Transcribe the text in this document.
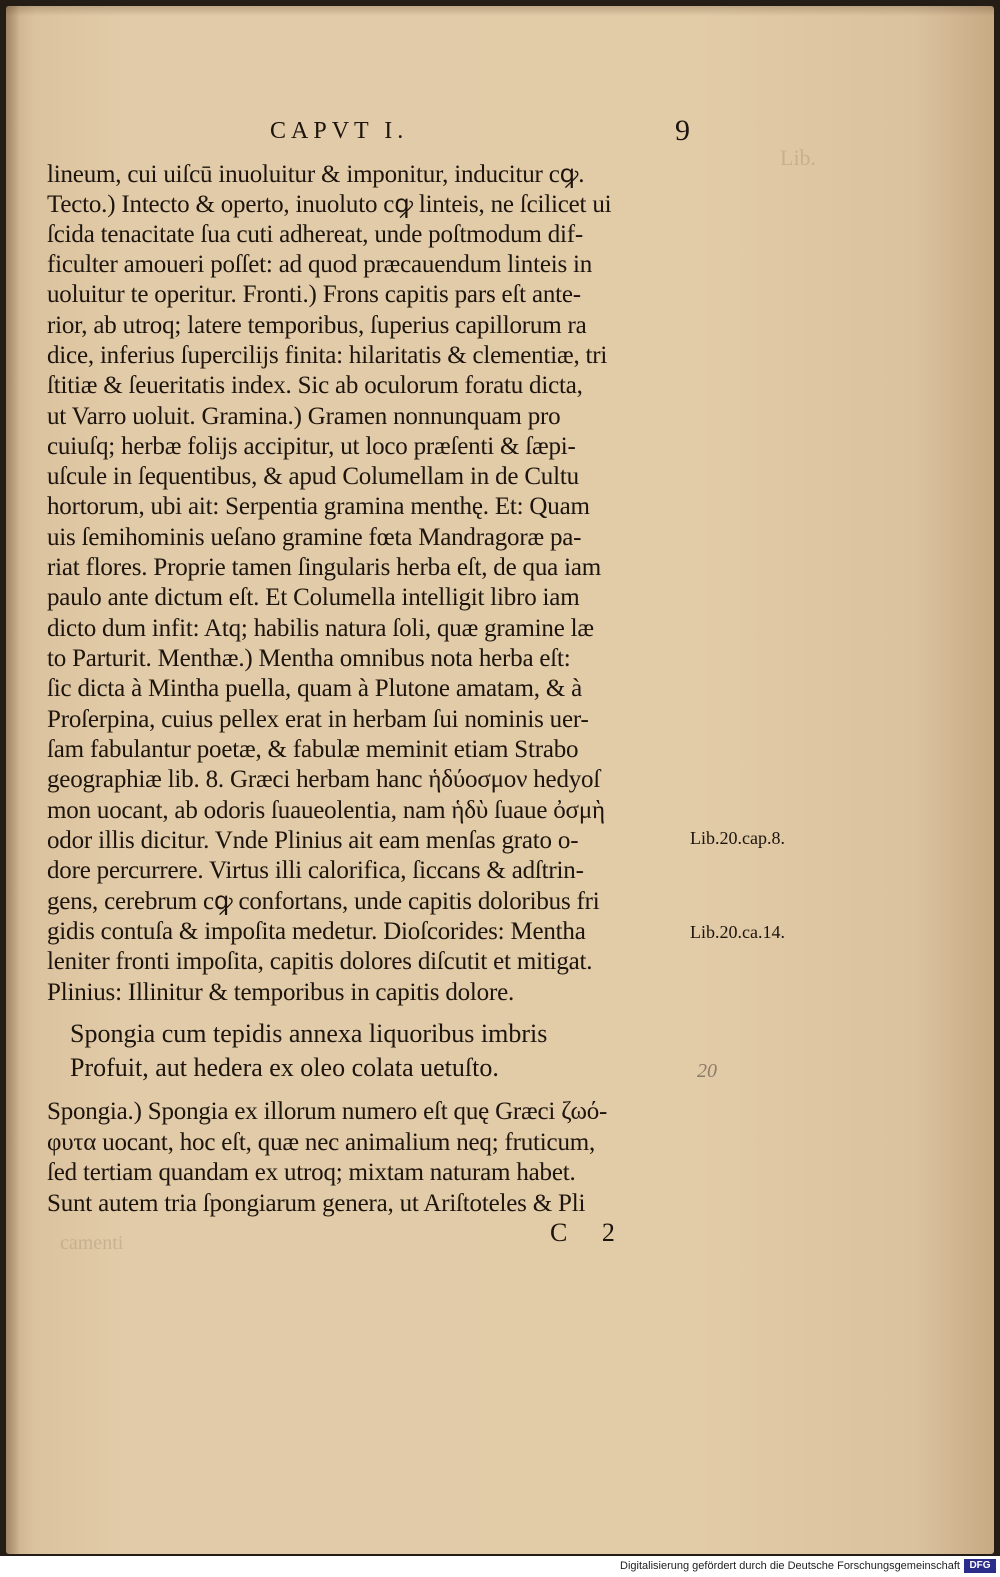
Lib.
camenti
CAPVT I.	9

lineum, cui uiſcū inuoluitur & imponitur, inducitur cꝙ.

Tecto.) Intecto & operto, inuoluto cꝙ linteis, ne ſcilicet ui

ſcida tenacitate ſua cuti adhereat, unde poſtmodum dif-

ficulter amoueri poſſet: ad quod præcauendum linteis in

uoluitur te operitur. Fronti.) Frons capitis pars eſt ante-

rior, ab utroq; latere temporibus, ſuperius capillorum ra

dice, inferius ſupercilijs finita: hilaritatis & clementiæ, tri

ſtitiæ & ſeueritatis index. Sic ab oculorum foratu dicta,

ut Varro uoluit. Gramina.) Gramen nonnunquam pro

cuiuſq; herbæ folijs accipitur, ut loco præſenti & ſæpi-

uſcule in ſequentibus, & apud Columellam in de Cultu

hortorum, ubi ait: Serpentia gramina menthę. Et: Quam

uis ſemihominis ueſano gramine fœta Mandragoræ pa-

riat flores. Proprie tamen ſingularis herba eſt, de qua iam

paulo ante dictum eſt. Et Columella intelligit libro iam

dicto dum infit: Atq; habilis natura ſoli, quæ gramine læ

to Parturit. Menthæ.) Mentha omnibus nota herba eſt:

ſic dicta à Mintha puella, quam à Plutone amatam, & à

Proſerpina, cuius pellex erat in herbam ſui nominis uer-

ſam fabulantur poetæ, & fabulæ meminit etiam Strabo

geographiæ lib. 8. Græci herbam hanc ἡδύοσμον hedyoſ

mon uocant, ab odoris ſuaueolentia, nam ἡδὺ ſuaue ὀσμὴ

odor illis dicitur. Vnde Plinius ait eam menſas grato o-

dore percurrere. Virtus illi calorifica, ſiccans & adſtrin-

gens, cerebrum cꝙ confortans, unde capitis doloribus fri

gidis contuſa & impoſita medetur. Dioſcorides: Mentha

leniter fronti impoſita, capitis dolores diſcutit et mitigat.

Plinius: Illinitur & temporibus in capitis dolore.

Spongia cum tepidis annexa liquoribus imbris

Profuit, aut hedera ex oleo colata uetuſto.

Spongia.) Spongia ex illorum numero eſt quę Græci ζωό-

φυτα uocant, hoc eſt, quæ nec animalium neq; fruticum,

ſed tertiam quandam ex utroq; mixtam naturam habet.

Sunt autem tria ſpongiarum genera, ut Ariſtoteles & Pli

Lib.20.cap.8.

Lib.20.ca.14.

20
C 2
Digitalisierung gefördert durch die Deutsche Forschungsgemeinschaft DFG
